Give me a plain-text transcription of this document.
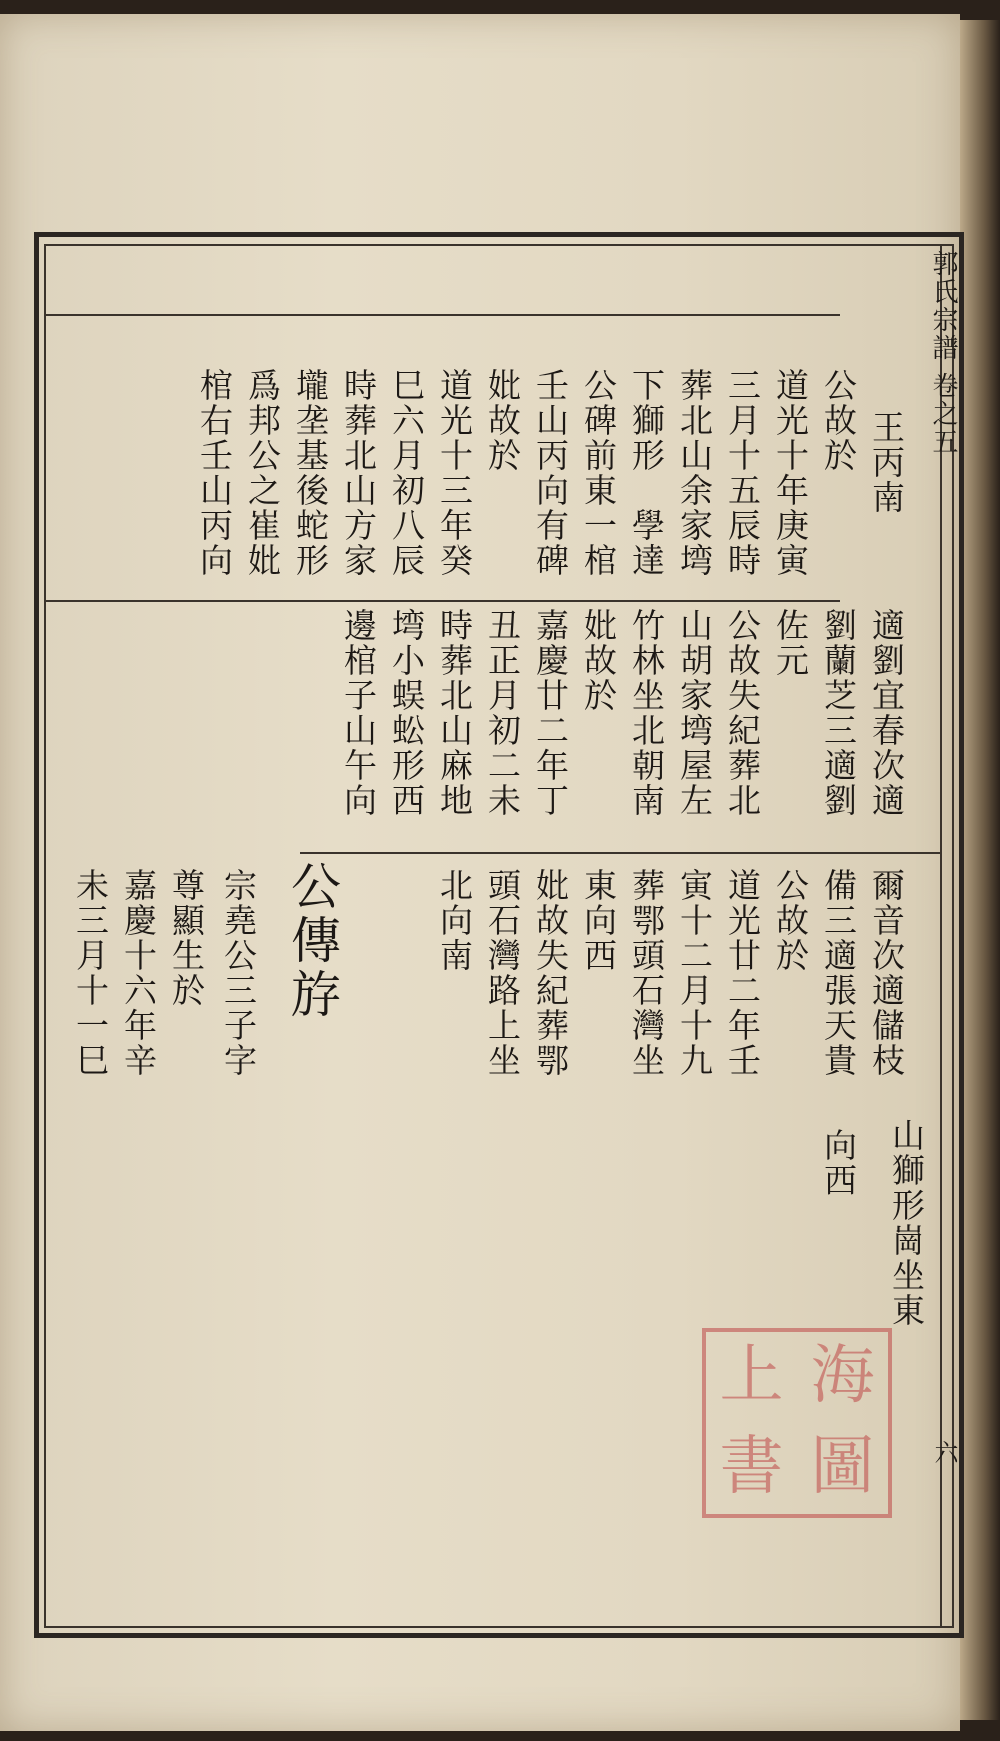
郭氏宗譜 卷之五
六
王丙南
公故於
道光十年庚寅
三月十五辰時
葬北山余家塆
下獅形　學達
公碑前東一棺
壬山丙向有碑
妣故於
道光十三年癸
巳六月初八辰
時葬北山方家
壠垄基後蛇形
爲邦公之崔妣
棺右壬山丙向
山獅形崗坐東
適劉宜春次適
劉蘭芝三適劉
佐元
爾音次適儲枝
備三適張天貴
向西
公故失紀葬北
山胡家塆屋左
竹林坐北朝南
妣故於
嘉慶廿二年丁
丑正月初二未
時葬北山麻地
塆小蜈蚣形西
邊棺子山午向
公故於
道光廿二年壬
寅十二月十九
葬鄂頭石灣坐
東向西
妣故失紀葬鄂
頭石灣路上坐
北向南
公傳斿
宗堯公三子字
尊顯生於
嘉慶十六年辛
未三月十一巳
上 海
書 圖
